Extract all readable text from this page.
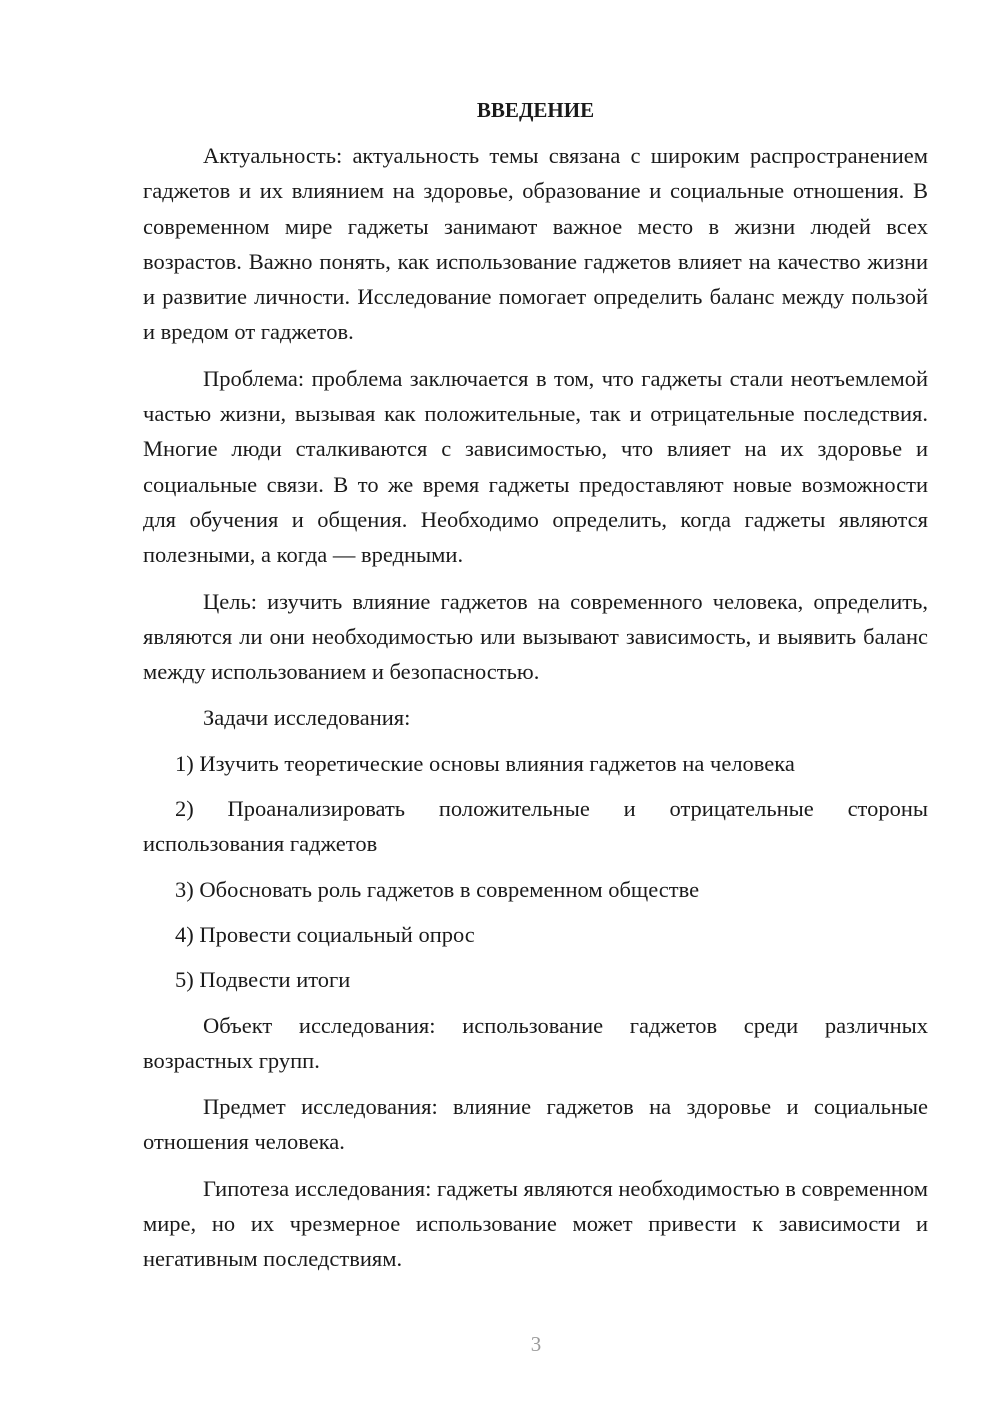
ВВЕДЕНИЕ

Актуальность: актуальность темы связана с широким распространением гаджетов и их влиянием на здоровье, образование и социальные отношения. В современном мире гаджеты занимают важное место в жизни людей всех возрастов. Важно понять, как использование гаджетов влияет на качество жизни и развитие личности. Исследование помогает определить баланс между пользой и вредом от гаджетов.

Проблема: проблема заключается в том, что гаджеты стали неотъемлемой частью жизни, вызывая как положительные, так и отрицательные последствия. Многие люди сталкиваются с зависимостью, что влияет на их здоровье и социальные связи. В то же время гаджеты предоставляют новые возможности для обучения и общения. Необходимо определить, когда гаджеты являются полезными, а когда — вредными.

Цель: изучить влияние гаджетов на современного человека, определить, являются ли они необходимостью или вызывают зависимость, и выявить баланс между использованием и безопасностью.

Задачи исследования:

1) Изучить теоретические основы влияния гаджетов на человека

2) Проанализировать положительные и отрицательные стороны использования гаджетов

3) Обосновать роль гаджетов в современном обществе

4) Провести социальный опрос

5) Подвести итоги

Объект исследования: использование гаджетов среди различных возрастных групп.

Предмет исследования: влияние гаджетов на здоровье и социальные отношения человека.

Гипотеза исследования: гаджеты являются необходимостью в современном мире, но их чрезмерное использование может привести к зависимости и негативным последствиям.

3
